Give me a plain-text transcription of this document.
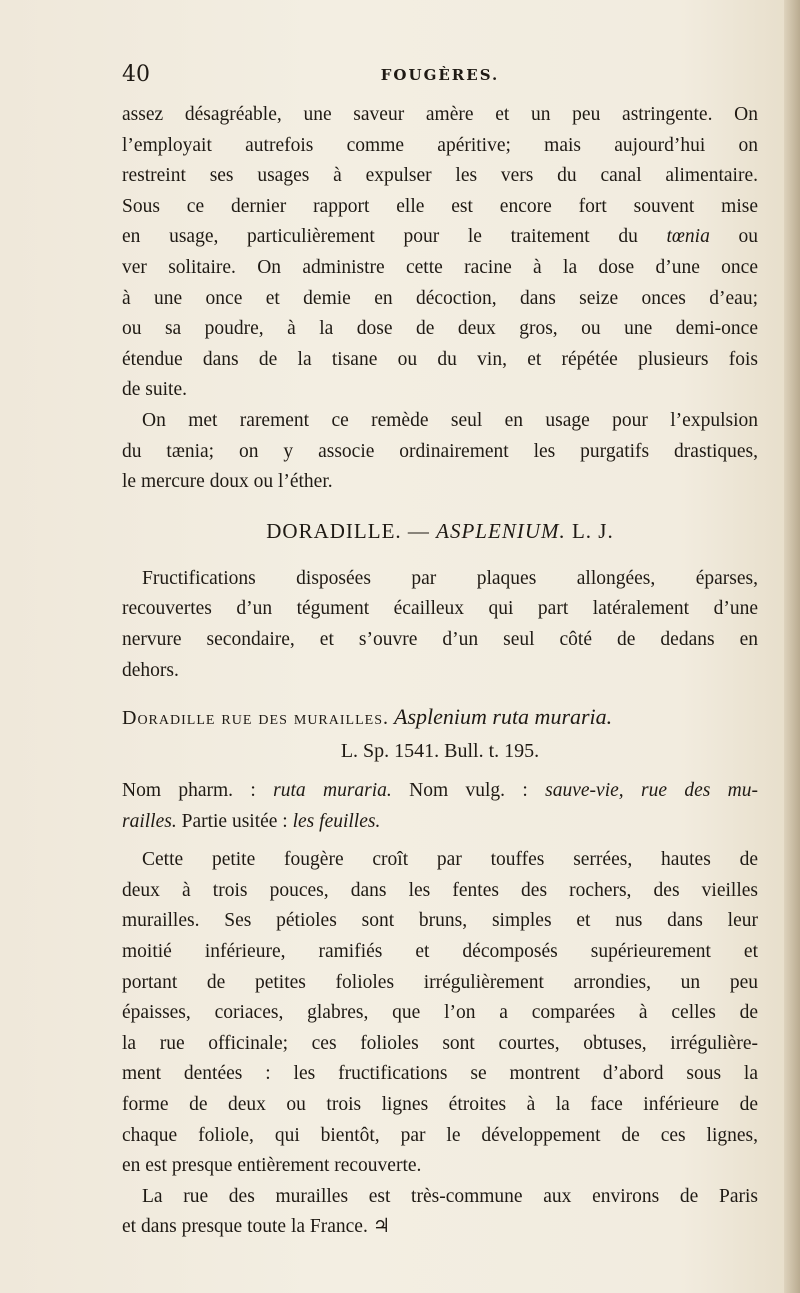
40	FOUGÈRES.
assez désagréable, une saveur amère et un peu astringente. On
l’employait autrefois comme apéritive; mais aujourd’hui on
restreint ses usages à expulser les vers du canal alimentaire.
Sous ce dernier rapport elle est encore fort souvent mise
en usage, particulièrement pour le traitement du tœnia ou
ver solitaire. On administre cette racine à la dose d’une once
à une once et demie en décoction, dans seize onces d’eau;
ou sa poudre, à la dose de deux gros, ou une demi-once
étendue dans de la tisane ou du vin, et répétée plusieurs fois
de suite.
On met rarement ce remède seul en usage pour l’expulsion
du tænia; on y associe ordinairement les purgatifs drastiques,
le mercure doux ou l’éther.
DORADILLE. — ASPLENIUM. L. J.
Fructifications disposées par plaques allongées, éparses,
recouvertes d’un tégument écailleux qui part latéralement d’une
nervure secondaire, et s’ouvre d’un seul côté de dedans en
dehors.
Doradille rue des murailles. Asplenium ruta muraria.
L. Sp. 1541. Bull. t. 195.
Nom pharm. : ruta muraria. Nom vulg. : sauve-vie, rue des mu-
railles. Partie usitée : les feuilles.
Cette petite fougère croît par touffes serrées, hautes de
deux à trois pouces, dans les fentes des rochers, des vieilles
murailles. Ses pétioles sont bruns, simples et nus dans leur
moitié inférieure, ramifiés et décomposés supérieurement et
portant de petites folioles irrégulièrement arrondies, un peu
épaisses, coriaces, glabres, que l’on a comparées à celles de
la rue officinale; ces folioles sont courtes, obtuses, irrégulière-
ment dentées : les fructifications se montrent d’abord sous la
forme de deux ou trois lignes étroites à la face inférieure de
chaque foliole, qui bientôt, par le développement de ces lignes,
en est presque entièrement recouverte.
La rue des murailles est très-commune aux environs de Paris
et dans presque toute la France. ♃
